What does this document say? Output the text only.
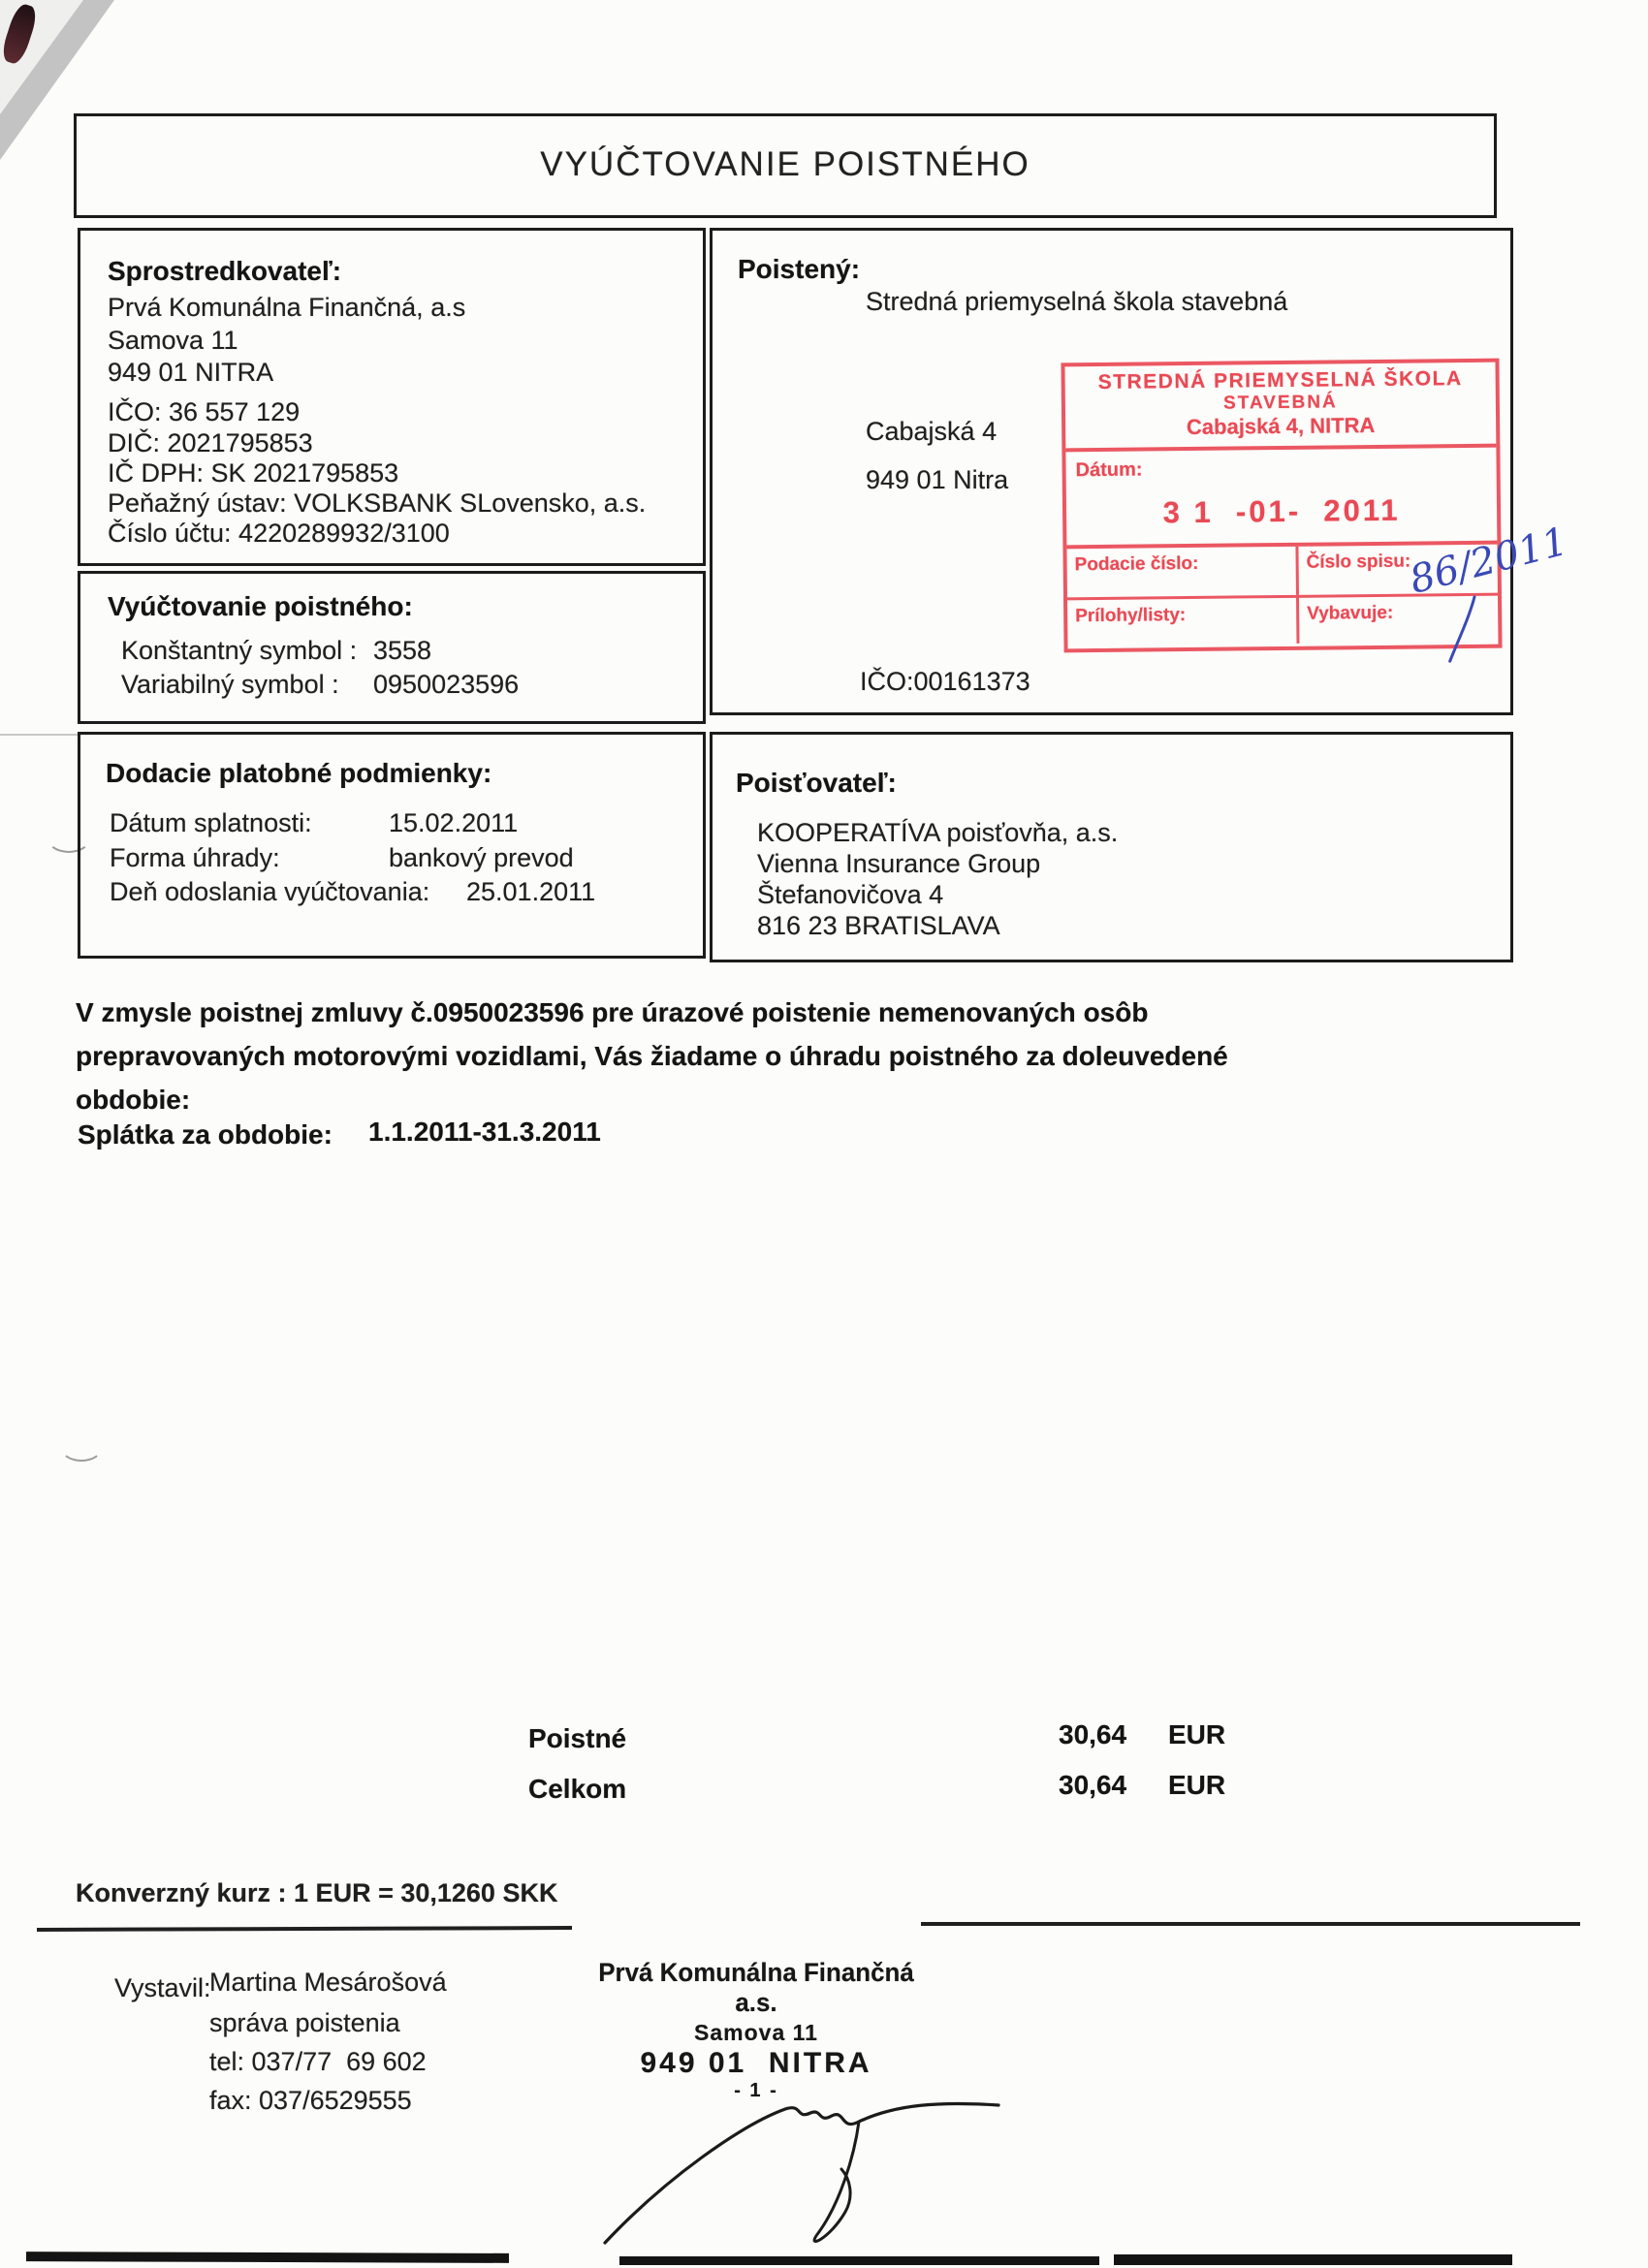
VYÚČTOVANIE POISTNÉHO
Sprostredkovateľ:
Prvá Komunálna Finančná, a.s
Samova 11
949 01 NITRA
IČO: 36 557 129
DIČ: 2021795853
IČ DPH: SK 2021795853
Peňažný ústav: VOLKSBANK SLovensko, a.s.
Číslo účtu: 4220289932/3100
Vyúčtovanie poistného:
Konštantný symbol : 3558
Variabilný symbol : 0950023596
Dodacie platobné podmienky:
Dátum splatnosti:	15.02.2011
Forma úhrady:	bankový prevod
Deň odoslania vyúčtovania: 25.01.2011
Poistený:
Stredná priemyselná škola stavebná
Cabajská 4
949 01 Nitra
IČO:00161373
STREDNÁ PRIEMYSELNÁ ŠKOLA
STAVEBNÁ
Cabajská 4, NITRA
Dátum:
3 1  -01-  2011
Podacie číslo:	Číslo spisu:
Prílohy/listy:	Vybavuje:
86/2011
Poisťovateľ:
KOOPERATÍVA poisťovňa, a.s.
Vienna Insurance Group
Štefanovičova 4
816 23 BRATISLAVA
V zmysle poistnej zmluvy č.0950023596 pre úrazové poistenie nemenovaných osôb prepravovaných motorovými vozidlami, Vás žiadame o úhradu poistného za doleuvedené obdobie:
Splátka za obdobie: 1.1.2011-31.3.2011
Poistné	30,64 EUR
Celkom	30,64 EUR
Konverzný kurz : 1 EUR = 30,1260 SKK
Vystavil:
Martina Mesárošová
správa poistenia
tel: 037/77  69 602
fax: 037/6529555
Prvá Komunálna Finančná a.s.
Samova 11
949 01  NITRA
- 1 -
